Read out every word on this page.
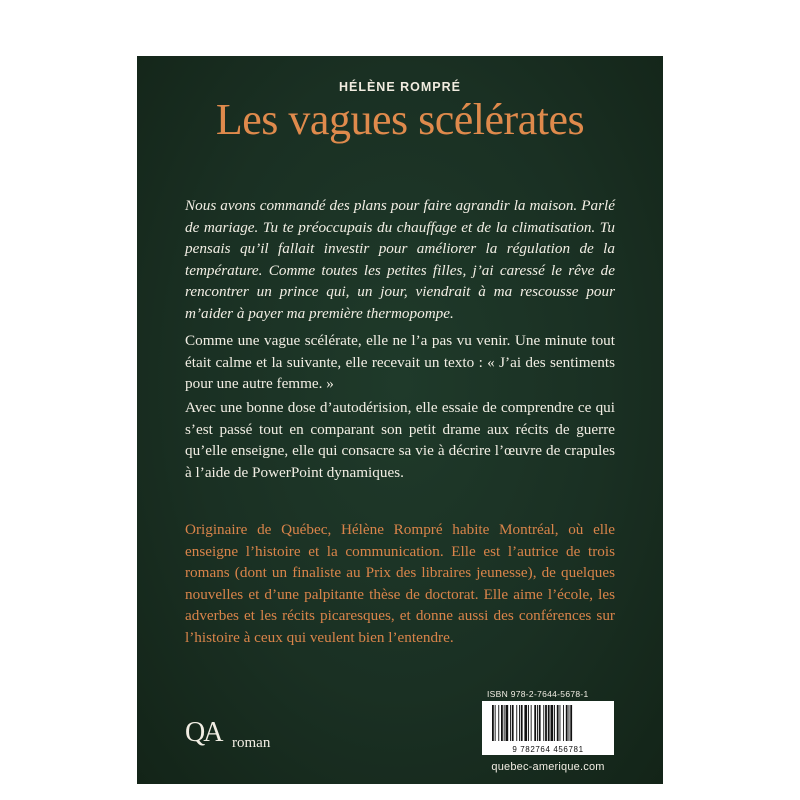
HÉLÈNE ROMPRÉ
Les vagues scélérates

Nous avons commandé des plans pour faire agrandir la maison. Parlé de mariage. Tu te préoccupais du chauffage et de la climatisation. Tu pensais qu’il fallait investir pour améliorer la régulation de la température. Comme toutes les petites filles, j’ai caressé le rêve de rencontrer un prince qui, un jour, viendrait à ma rescousse pour m’aider à payer ma première thermopompe.

Comme une vague scélérate, elle ne l’a pas vu venir. Une minute tout était calme et la suivante, elle recevait un texto : « J’ai des sentiments pour une autre femme. »

Avec une bonne dose d’autodérision, elle essaie de comprendre ce qui s’est passé tout en comparant son petit drame aux récits de guerre qu’elle enseigne, elle qui consacre sa vie à décrire l’œuvre de crapules à l’aide de PowerPoint dynamiques.

Originaire de Québec, Hélène Rompré habite Montréal, où elle enseigne l’histoire et la communication. Elle est l’autrice de trois romans (dont un finaliste au Prix des libraires jeunesse), de quelques nouvelles et d’une palpitante thèse de doctorat. Elle aime l’école, les adverbes et les récits picaresques, et donne aussi des conférences sur l’histoire à ceux qui veulent bien l’entendre.

QA roman
ISBN 978-2-7644-5678-1
9 782764 456781
quebec-amerique.com
